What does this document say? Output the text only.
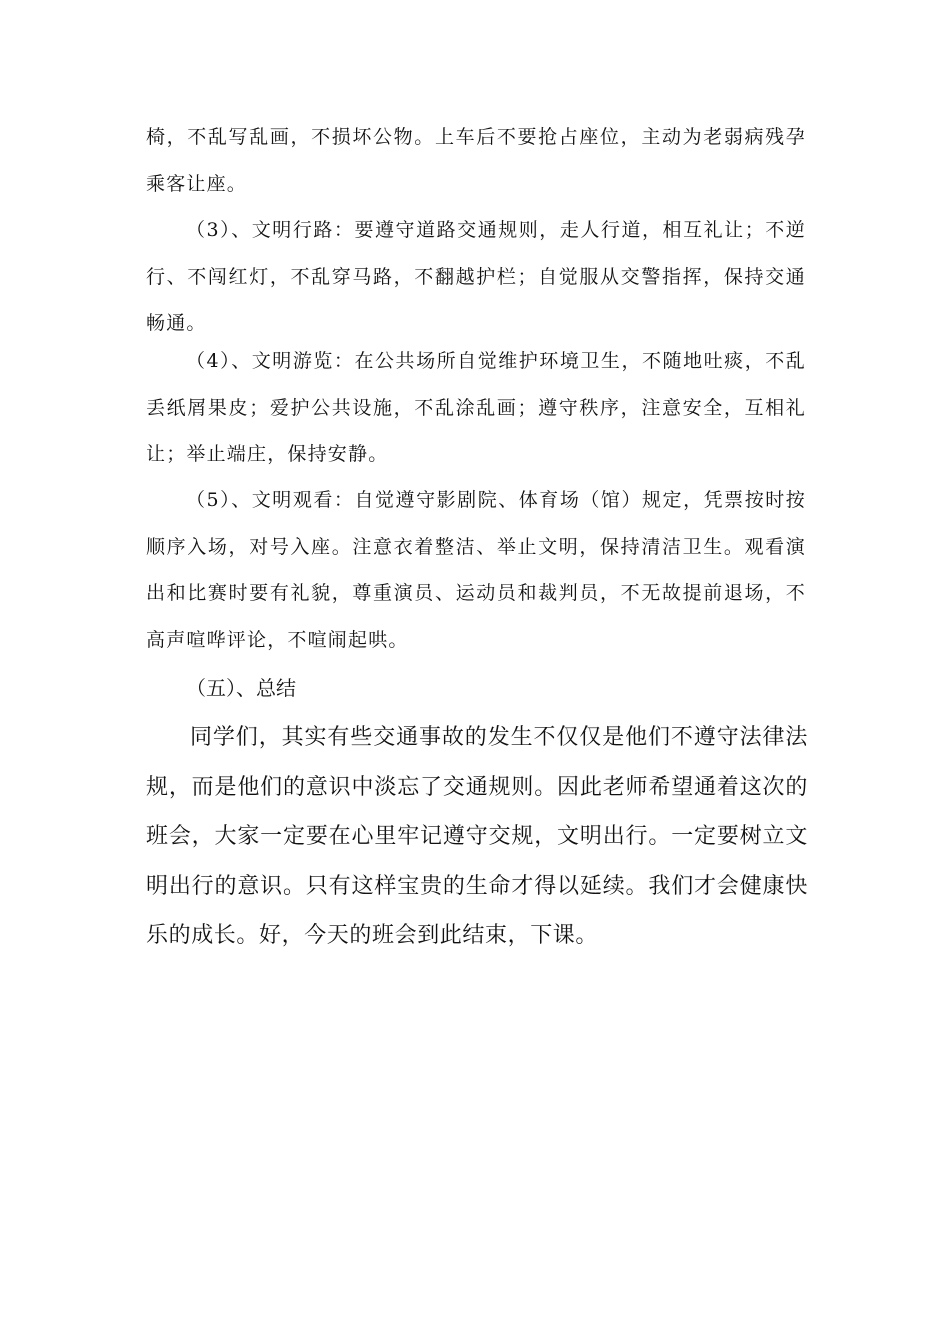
椅，不乱写乱画，不损坏公物。上车后不要抢占座位，主动为老弱病残孕乘客让座。

（3）、文明行路：要遵守道路交通规则，走人行道，相互礼让；不逆行、不闯红灯，不乱穿马路，不翻越护栏；自觉服从交警指挥，保持交通畅通。

（4）、文明游览：在公共场所自觉维护环境卫生，不随地吐痰，不乱丢纸屑果皮；爱护公共设施，不乱涂乱画；遵守秩序，注意安全，互相礼让；举止端庄，保持安静。

（5）、文明观看：自觉遵守影剧院、体育场（馆）规定，凭票按时按顺序入场，对号入座。注意衣着整洁、举止文明，保持清洁卫生。观看演出和比赛时要有礼貌，尊重演员、运动员和裁判员，不无故提前退场，不高声喧哗评论，不喧闹起哄。

（五）、总结

同学们，其实有些交通事故的发生不仅仅是他们不遵守法律法规，而是他们的意识中淡忘了交通规则。因此老师希望通着这次的班会，大家一定要在心里牢记遵守交规，文明出行。一定要树立文明出行的意识。只有这样宝贵的生命才得以延续。我们才会健康快乐的成长。好，今天的班会到此结束，下课。
